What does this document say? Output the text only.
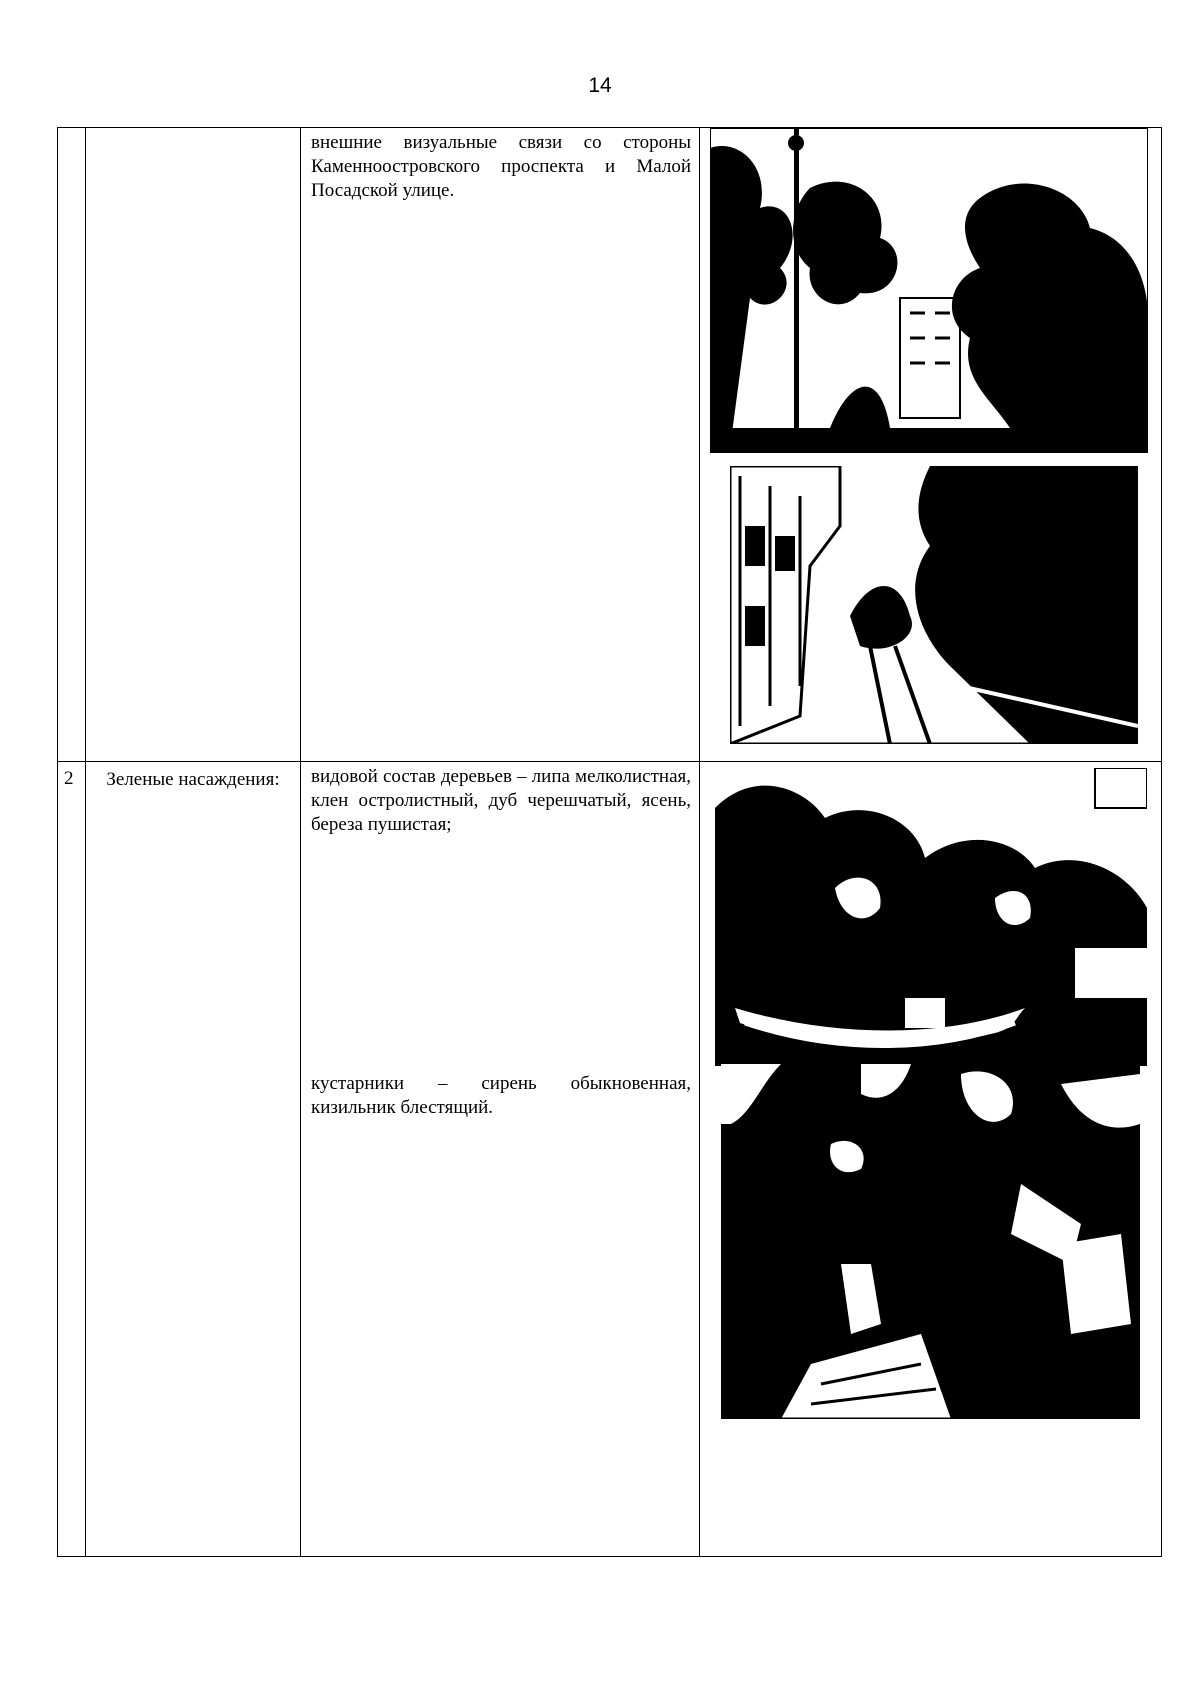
14

		внешние визуальные связи со стороны Каменноостровского проспекта и Малой Посадской улице.

2	Зеленые насаждения:	видовой состав деревьев – липа мелколистная, клен остролистный, дуб черешчатый, ясень, береза пушистая;
кустарники – сирень обыкновенная, кизильник блестящий.
